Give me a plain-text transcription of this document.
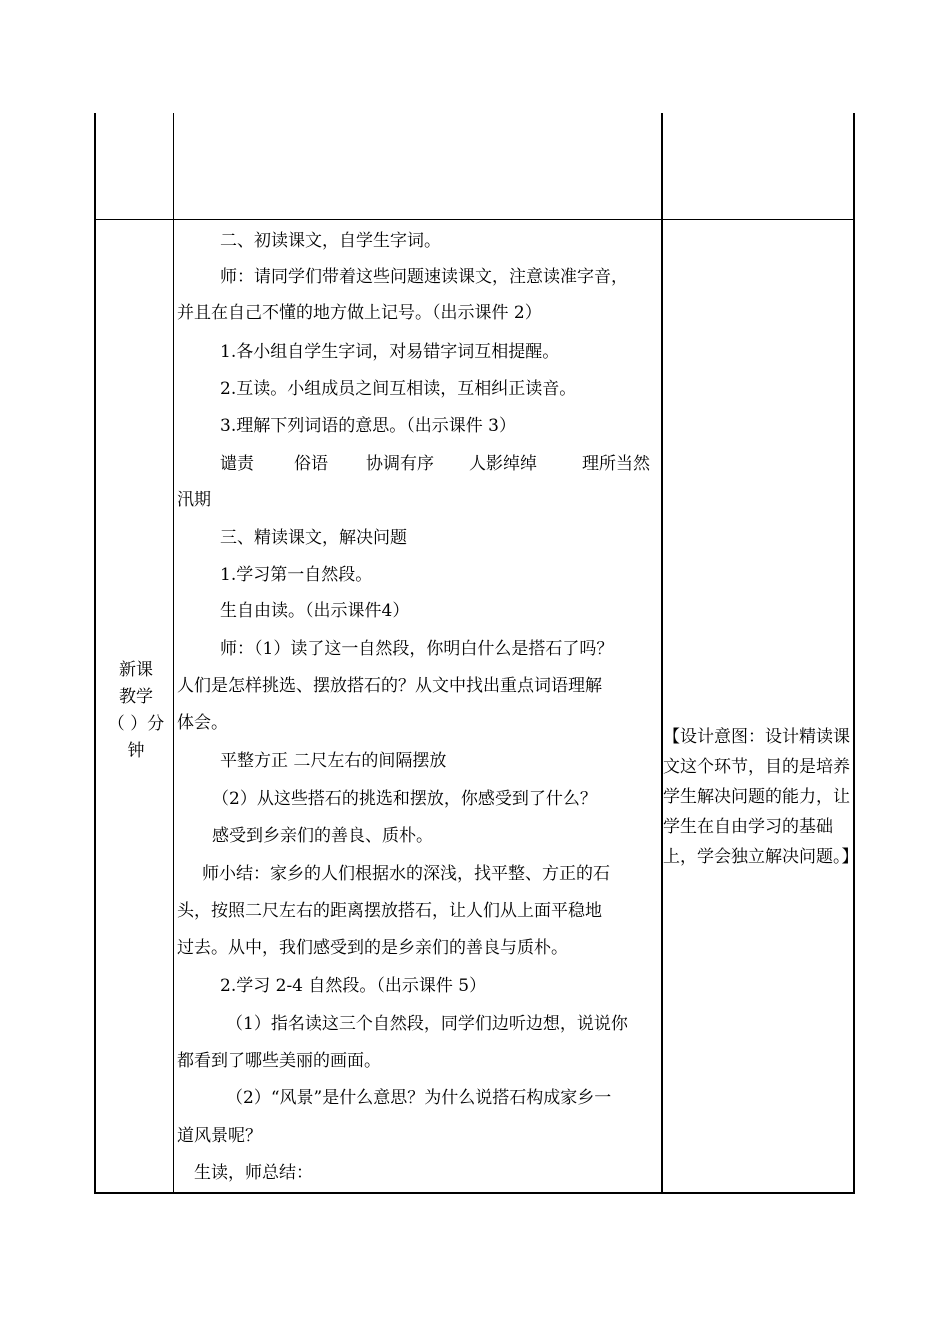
新课
教学
（ ）分
钟
二、初读课文，自学生字词。
师：请同学们带着这些问题速读课文，注意读准字音，
并且在自己不懂的地方做上记号。（出示课件 2）
1.各小组自学生字词，对易错字词互相提醒。
2.互读。小组成员之间互相读，互相纠正读音。
3.理解下列词语的意思。（出示课件 3）
谴责 俗语 协调有序 人影绰绰	理所当然
汛期
三、精读课文，解决问题
1.学习第一自然段。
生自由读。（出示课件4）
师：（1）读了这一自然段，你明白什么是搭石了吗？
人们是怎样挑选、摆放搭石的？从文中找出重点词语理解
体会。
平整方正 二尺左右的间隔摆放
（2）从这些搭石的挑选和摆放，你感受到了什么？
感受到乡亲们的善良、质朴。
师小结：家乡的人们根据水的深浅，找平整、方正的石
头，按照二尺左右的距离摆放搭石，让人们从上面平稳地
过去。从中，我们感受到的是乡亲们的善良与质朴。
2.学习 2-4 自然段。（出示课件 5）
（1）指名读这三个自然段，同学们边听边想，说说你
都看到了哪些美丽的画面。
（2）“风景”是什么意思？为什么说搭石构成家乡一
道风景呢？
生读，师总结：
【设计意图：设计精读课文这个环节，目的是培养学生解决问题的能力，让学生在自由学习的基础上，学会独立解决问题。】
